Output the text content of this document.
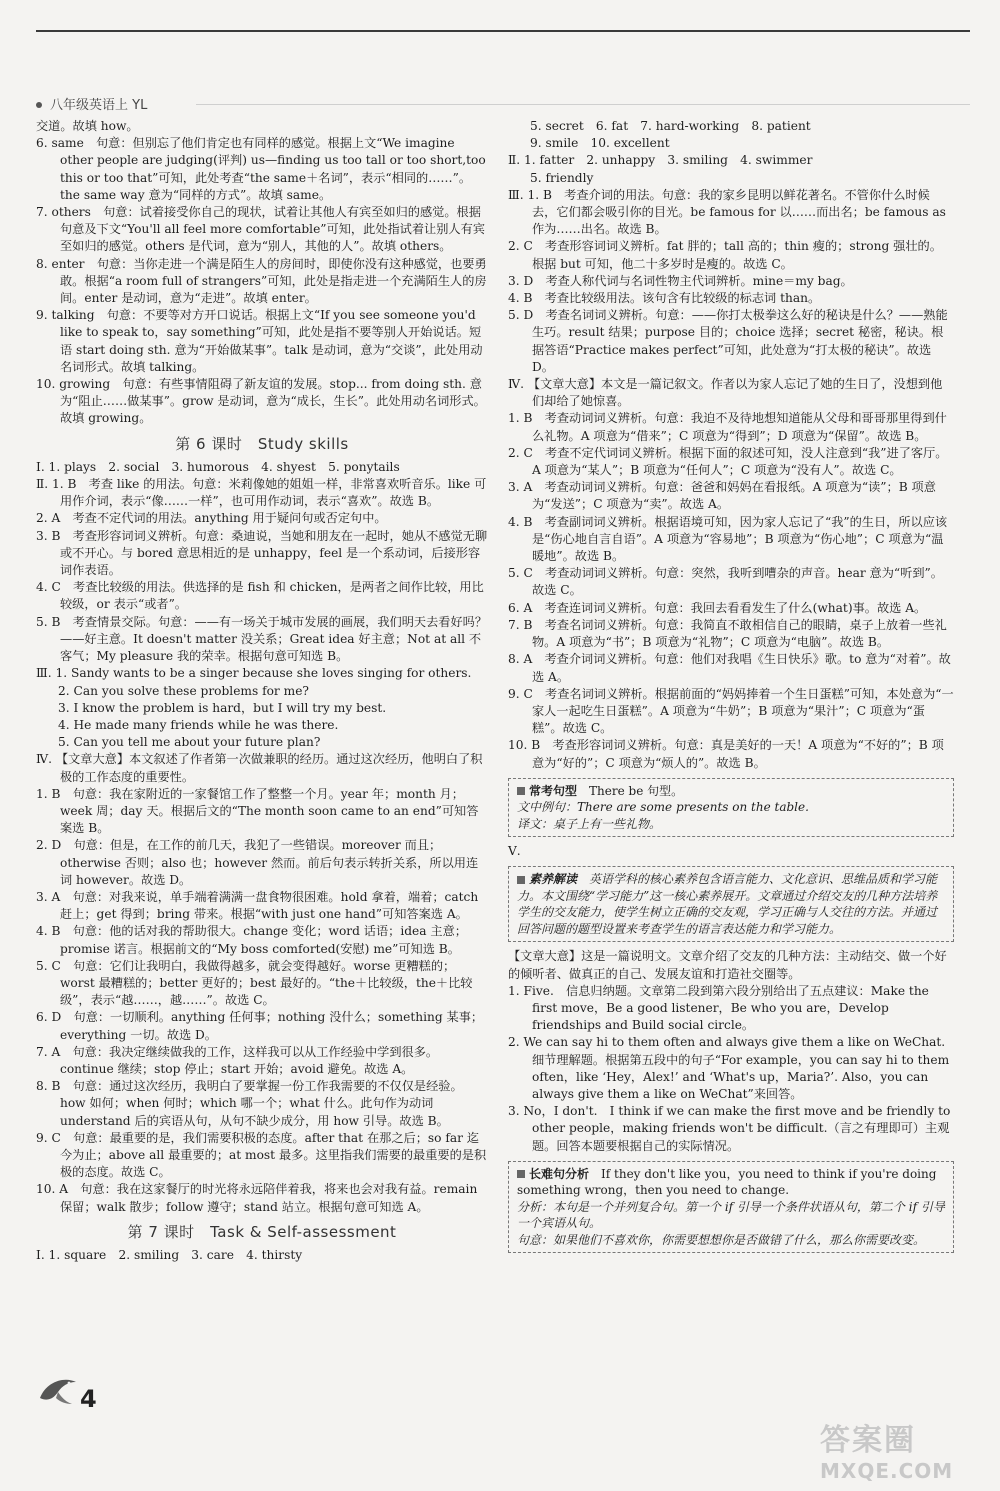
八年级英语上 YL

交道。故填 how。

6. same　句意：但别忘了他们肯定也有同样的感觉。根据上文“We imagine other people are judging(评判) us—finding us too tall or too short,too this or too that”可知，此处考查“the same＋名词”，表示“相同的……”。the same way 意为“同样的方式”。故填 same。

7. others　句意：试着接受你自己的现状，试着让其他人有宾至如归的感觉。根据句意及下文“You'll all feel more comfortable”可知，此处指试着让别人有宾至如归的感觉。others 是代词，意为“别人，其他的人”。故填 others。

8. enter　句意：当你走进一个满是陌生人的房间时，即使你没有这种感觉，也要勇敢。根据“a room full of strangers”可知，此处是指走进一个充满陌生人的房间。enter 是动词，意为“走进”。故填 enter。

9. talking　句意：不要等对方开口说话。根据上文“If you see someone you'd like to speak to，say something”可知，此处是指不要等别人开始说话。短语 start doing sth. 意为“开始做某事”。talk 是动词，意为“交谈”，此处用动名词形式。故填 talking。

10. growing　句意：有些事情阻碍了新友谊的发展。stop... from doing sth. 意为“阻止……做某事”。grow 是动词，意为“成长，生长”。此处用动名词形式。故填 growing。

第 6 课时　Study skills

Ⅰ. 1. plays　2. social　3. humorous　4. shyest　5. ponytails

Ⅱ. 1. B　考查 like 的用法。句意：米莉像她的姐姐一样，非常喜欢听音乐。like 可用作介词，表示“像……一样”，也可用作动词，表示“喜欢”。故选 B。

2. A　考查不定代词的用法。anything 用于疑问句或否定句中。

3. B　考查形容词词义辨析。句意：桑迪说，当她和朋友在一起时，她从不感觉无聊或不开心。与 bored 意思相近的是 unhappy，feel 是一个系动词，后接形容词作表语。

4. C　考查比较级的用法。供选择的是 fish 和 chicken，是两者之间作比较，用比较级，or 表示“或者”。

5. B　考查情景交际。句意：——有一场关于城市发展的画展，我们明天去看好吗？——好主意。It doesn't matter 没关系；Great idea 好主意；Not at all 不客气；My pleasure 我的荣幸。根据句意可知选 B。

Ⅲ. 1. Sandy wants to be a singer because she loves singing for others.

2. Can you solve these problems for me?

3. I know the problem is hard，but I will try my best.

4. He made many friends while he was there.

5. Can you tell me about your future plan?

Ⅳ. 【文章大意】本文叙述了作者第一次做兼职的经历。通过这次经历，他明白了积极的工作态度的重要性。

1. B　句意：我在家附近的一家餐馆工作了整整一个月。year 年；month 月；week 周；day 天。根据后文的“The month soon came to an end”可知答案选 B。

2. D　句意：但是，在工作的前几天，我犯了一些错误。moreover 而且；otherwise 否则；also 也；however 然而。前后句表示转折关系，所以用连词 however。故选 D。

3. A　句意：对我来说，单手端着满满一盘食物很困难。hold 拿着，端着；catch 赶上；get 得到；bring 带来。根据“with just one hand”可知答案选 A。

4. B　句意：他的话对我的帮助很大。change 变化；word 话语；idea 主意；promise 诺言。根据前文的“My boss comforted(安慰) me”可知选 B。

5. C　句意：它们让我明白，我做得越多，就会变得越好。worse 更糟糕的；worst 最糟糕的；better 更好的；best 最好的。“the＋比较级，the＋比较级”，表示“越……，越……”。故选 C。

6. D　句意：一切顺利。anything 任何事；nothing 没什么；something 某事；everything 一切。故选 D。

7. A　句意：我决定继续做我的工作，这样我可以从工作经验中学到很多。continue 继续；stop 停止；start 开始；avoid 避免。故选 A。

8. B　句意：通过这次经历，我明白了要掌握一份工作我需要的不仅仅是经验。how 如何；when 何时；which 哪一个；what 什么。此句作为动词 understand 后的宾语从句，从句不缺少成分，用 how 引导。故选 B。

9. C　句意：最重要的是，我们需要积极的态度。after that 在那之后；so far 迄今为止；above all 最重要的；at most 最多。这里指我们需要的最重要的是积极的态度。故选 C。

10. A　句意：我在这家餐厅的时光将永远陪伴着我，将来也会对我有益。remain 保留；walk 散步；follow 遵守；stand 站立。根据句意可知选 A。

第 7 课时　Task & Self-assessment

Ⅰ. 1. square　2. smiling　3. care　4. thirsty

5. secret　6. fat　7. hard-working　8. patient

9. smile　10. excellent

Ⅱ. 1. fatter　2. unhappy　3. smiling　4. swimmer

5. friendly

Ⅲ. 1. B　考查介词的用法。句意：我的家乡昆明以鲜花著名。不管你什么时候去，它们都会吸引你的目光。be famous for 以……而出名；be famous as 作为……出名。故选 B。

2. C　考查形容词词义辨析。fat 胖的；tall 高的；thin 瘦的；strong 强壮的。根据 but 可知，他二十多岁时是瘦的。故选 C。

3. D　考查人称代词与名词性物主代词辨析。mine＝my bag。

4. B　考查比较级用法。该句含有比较级的标志词 than。

5. D　考查名词词义辨析。句意：——你打太极拳这么好的秘诀是什么？——熟能生巧。result 结果；purpose 目的；choice 选择；secret 秘密，秘诀。根据答语“Practice makes perfect”可知，此处意为“打太极的秘诀”。故选 D。

Ⅳ. 【文章大意】本文是一篇记叙文。作者以为家人忘记了她的生日了，没想到他们却给了她惊喜。

1. B　考查动词词义辨析。句意：我迫不及待地想知道能从父母和哥哥那里得到什么礼物。A 项意为“借来”；C 项意为“得到”；D 项意为“保留”。故选 B。

2. C　考查不定代词词义辨析。根据下面的叙述可知，没人注意到“我”进了客厅。A 项意为“某人”；B 项意为“任何人”；C 项意为“没有人”。故选 C。

3. A　考查动词词义辨析。句意：爸爸和妈妈在看报纸。A 项意为“读”；B 项意为“发送”；C 项意为“卖”。故选 A。

4. B　考查副词词义辨析。根据语境可知，因为家人忘记了“我”的生日，所以应该是“伤心地自言自语”。A 项意为“容易地”；B 项意为“伤心地”；C 项意为“温暖地”。故选 B。

5. C　考查动词词义辨析。句意：突然，我听到嘈杂的声音。hear 意为“听到”。故选 C。

6. A　考查连词词义辨析。句意：我回去看看发生了什么(what)事。故选 A。

7. B　考查名词词义辨析。句意：我简直不敢相信自己的眼睛，桌子上放着一些礼物。A 项意为“书”；B 项意为“礼物”；C 项意为“电脑”。故选 B。

8. A　考查介词词义辨析。句意：他们对我唱《生日快乐》歌。to 意为“对着”。故选 A。

9. C　考查名词词义辨析。根据前面的“妈妈捧着一个生日蛋糕”可知，本处意为“一家人一起吃生日蛋糕”。A 项意为“牛奶”；B 项意为“果汁”；C 项意为“蛋糕”。故选 C。

10. B　考查形容词词义辨析。句意：真是美好的一天！A 项意为“不好的”；B 项意为“好的”；C 项意为“烦人的”。故选 B。

常考句型　 There be 句型。

文中例句：There are some presents on the table.

译文：桌子上有一些礼物。

Ⅴ.

素养解读　 英语学科的核心素养包含语言能力、文化意识、思维品质和学习能力。本文围绕“学习能力”这一核心素养展开。文章通过介绍交友的几种方法培养学生的交友能力，使学生树立正确的交友观，学习正确与人交往的方法。并通过回答问题的题型设置来考查学生的语言表达能力和学习能力。

【文章大意】这是一篇说明文。文章介绍了交友的几种方法：主动结交、做一个好的倾听者、做真正的自己、发展友谊和打造社交圈等。

1. Five.　信息归纳题。文章第二段到第六段分别给出了五点建议：Make the first move，Be a good listener，Be who you are，Develop friendships and Build social circle。

2. We can say hi to them often and always give them a like on WeChat.　细节理解题。根据第五段中的句子“For example，you can say hi to them often，like ‘Hey，Alex!’ and ‘What's up，Maria?’. Also，you can always give them a like on WeChat”来回答。

3. No，I don't.　I think if we can make the first move and be friendly to other people，making friends won't be difficult.（言之有理即可）主观题。回答本题要根据自己的实际情况。

长难句分析　 If they don't like you，you need to think if you're doing something wrong，then you need to change.

分析：本句是一个并列复合句。第一个 if 引导一个条件状语从句，第二个 if 引导一个宾语从句。

句意：如果他们不喜欢你，你需要想想你是否做错了什么，那么你需要改变。

4
答案圈
MXQE.COM
